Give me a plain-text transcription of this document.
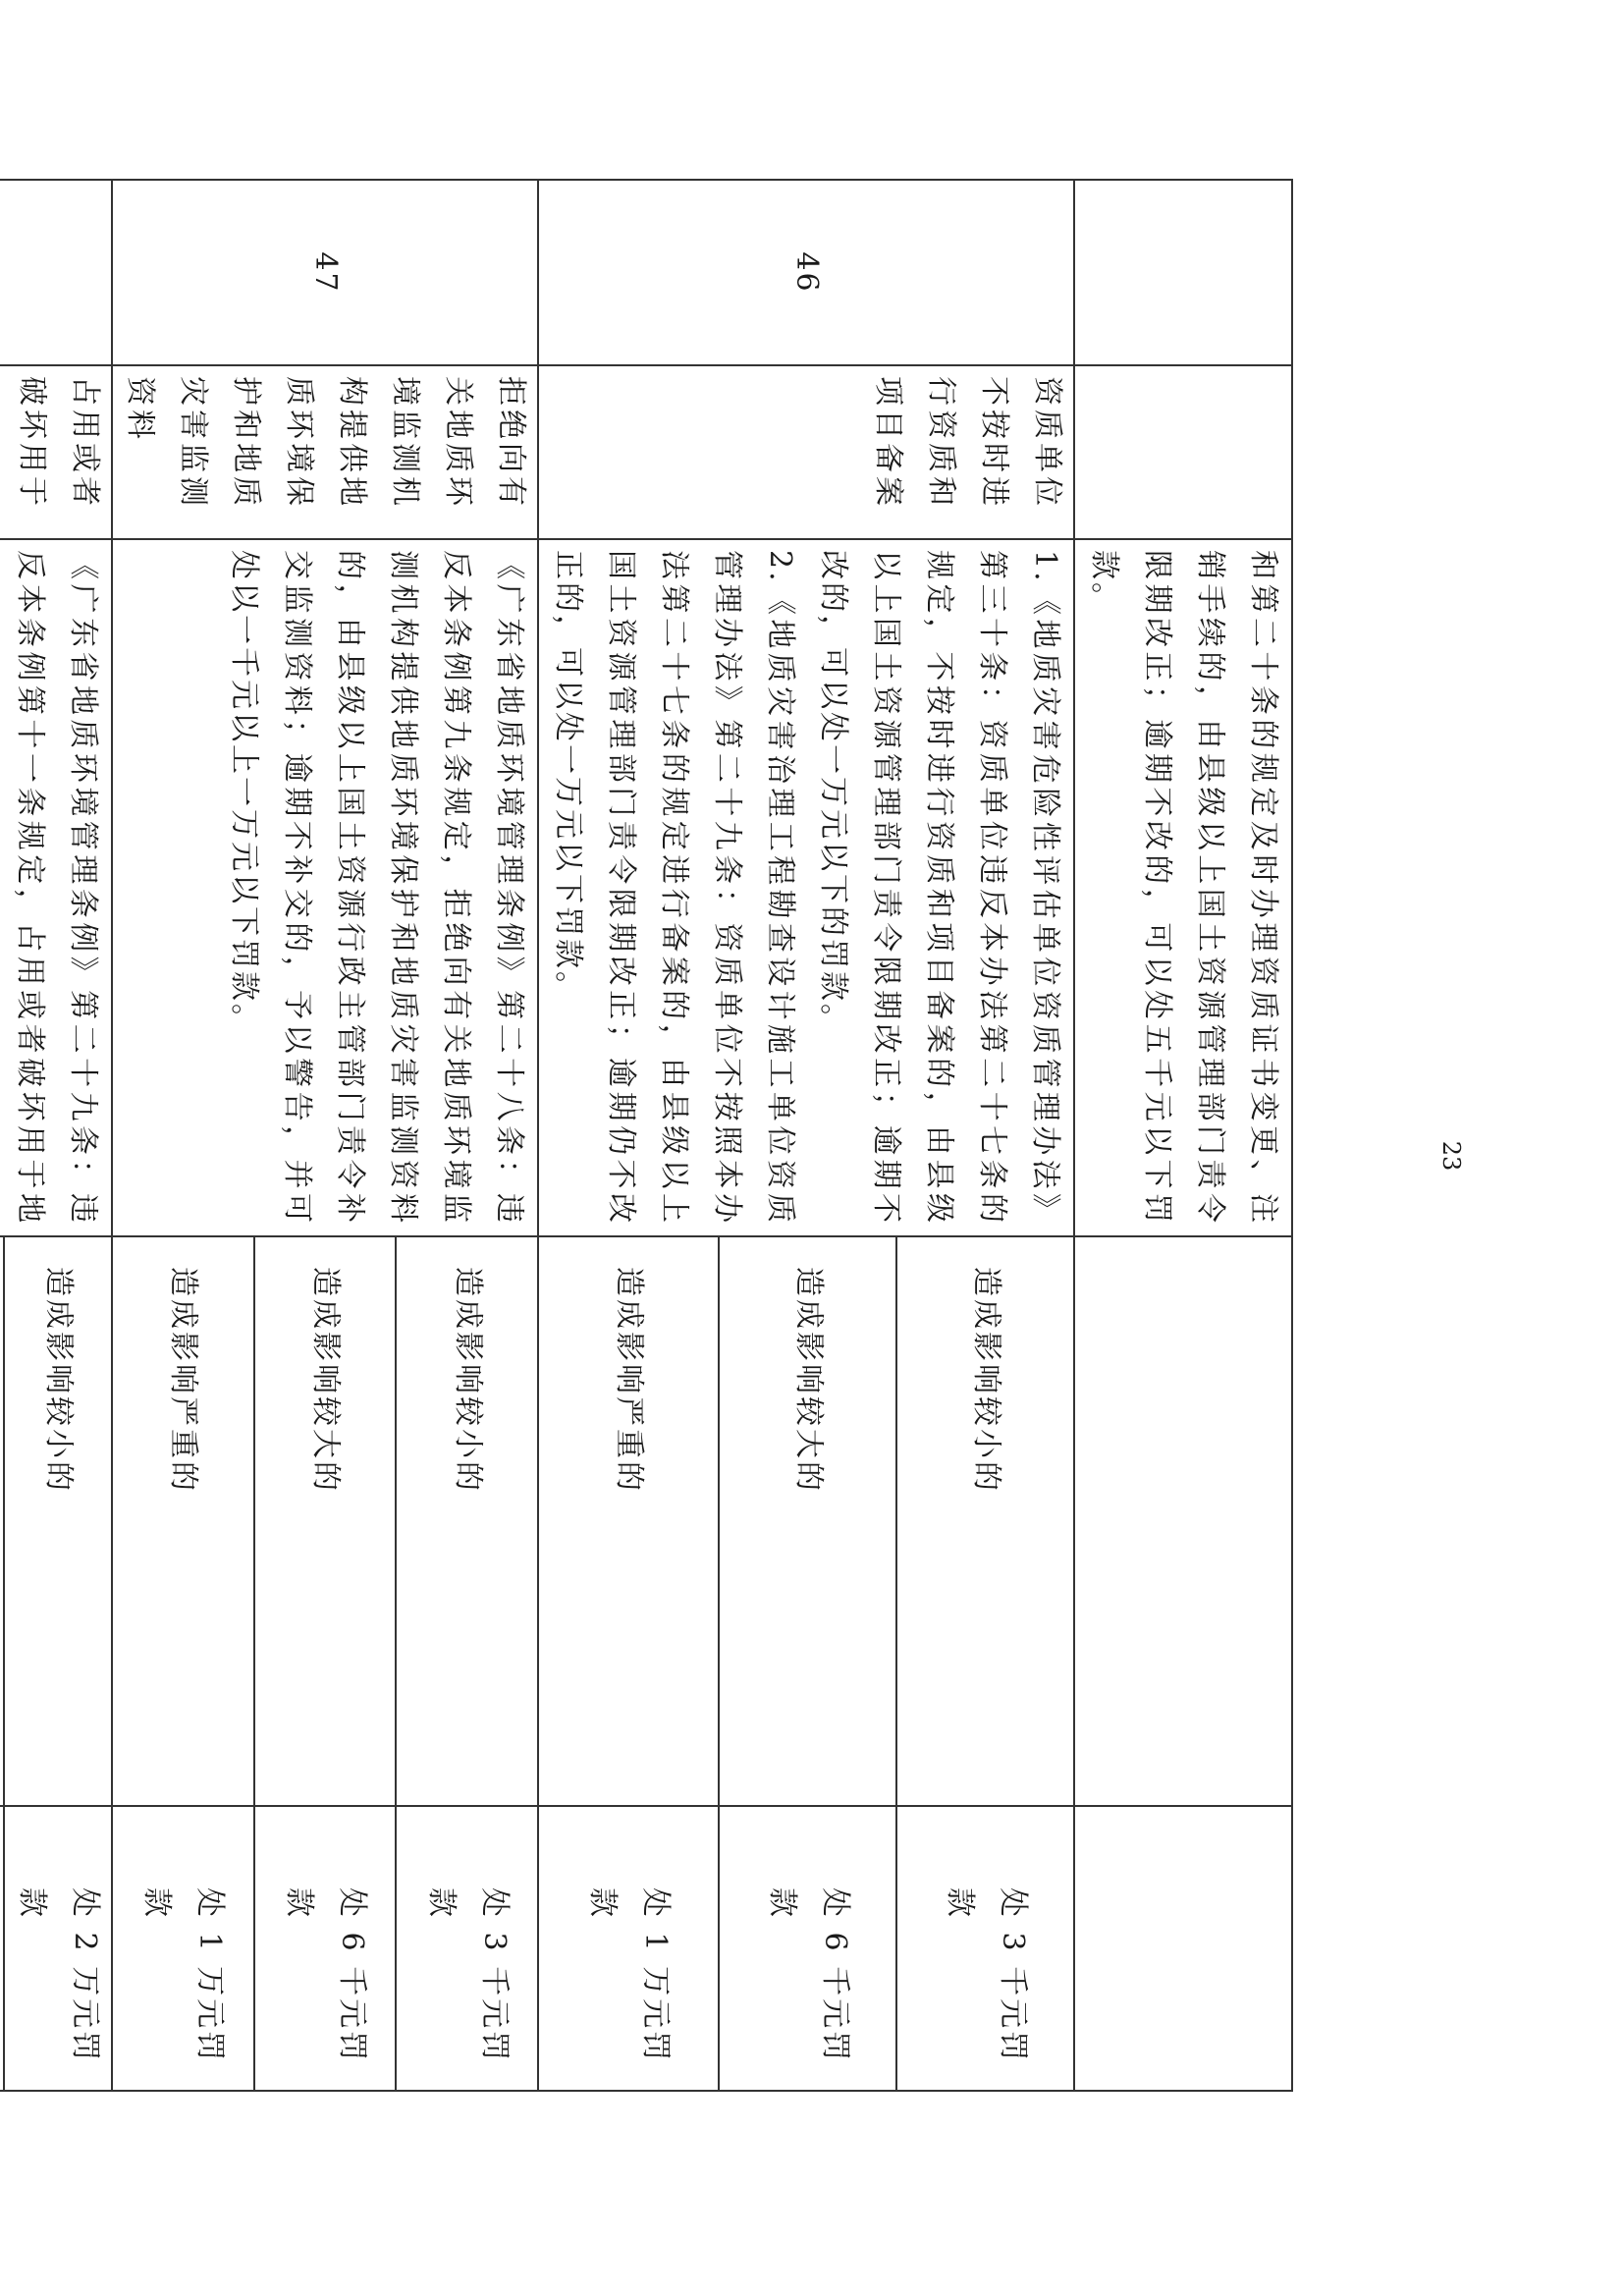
		和第二十条的规定及时办理资质证书变更、注销手续的，由县级以上国土资源管理部门责令限期改正；逾期不改的，可以处五千元以下罚款。		

46	资质单位不按时进行资质和项目备案	1.《地质灾害危险性评估单位资质管理办法》第三十条：资质单位违反本办法第二十七条的规定，不按时进行资质和项目备案的，由县级以上国土资源管理部门责令限期改正；逾期不改的，可以处一万元以下的罚款。
2.《地质灾害治理工程勘查设计施工单位资质管理办法》第二十九条：资质单位不按照本办法第二十七条的规定进行备案的，由县级以上国土资源管理部门责令限期改正；逾期仍不改正的，可以处一万元以下罚款。	造成影响较小的	处 3 千元罚款
			造成影响较大的	处 6 千元罚款
			造成影响严重的	处 1 万元罚款
47	拒绝向有关地质环境监测机构提供地质环境保护和地质灾害监测资料	《广东省地质环境管理条例》第二十八条：违反本条例第九条规定，拒绝向有关地质环境监测机构提供地质环境保护和地质灾害监测资料的，由县级以上国土资源行政主管部门责令补交监测资料；逾期不补交的，予以警告，并可处以一千元以上一万元以下罚款。	造成影响较小的	处 3 千元罚款
			造成影响较大的	处 6 千元罚款
			造成影响严重的	处 1 万元罚款
	占用或者破坏用于	《广东省地质环境管理条例》第二十九条：违反本条例第十一条规定，占用或者破坏用于地	造成影响较小的	处 2 万元罚款

23
